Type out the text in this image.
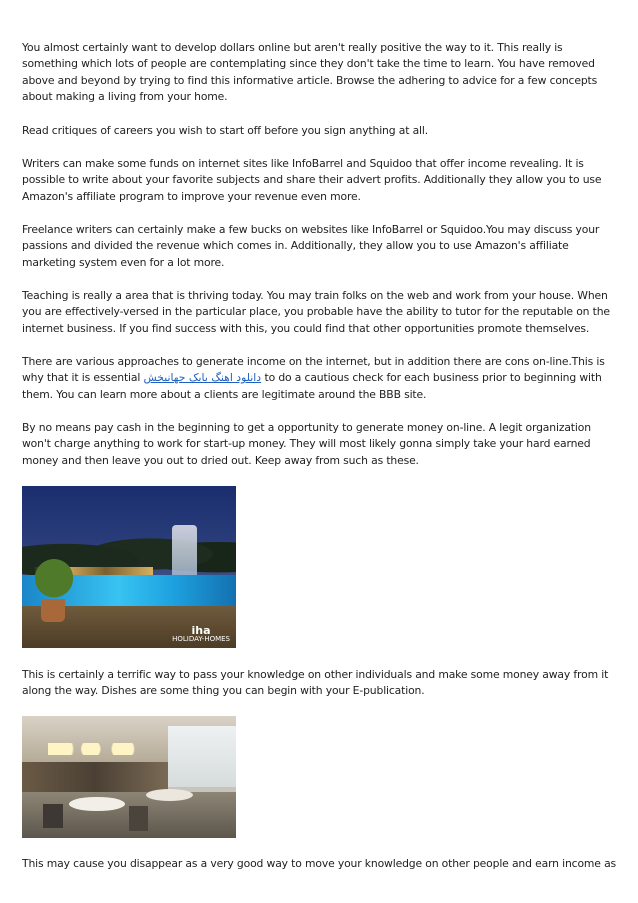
You almost certainly want to develop dollars online but aren't really positive the way to it. This really is something which lots of people are contemplating since they don't take the time to learn. You have removed above and beyond by trying to find this informative article. Browse the adhering to advice for a few concepts about making a living from your home.

Read critiques of careers you wish to start off before you sign anything at all.

Writers can make some funds on internet sites like InfoBarrel and Squidoo that offer income revealing. It is possible to write about your favorite subjects and share their advert profits. Additionally they allow you to use Amazon's affiliate program to improve your revenue even more.

Freelance writers can certainly make a few bucks on websites like InfoBarrel or Squidoo.You may discuss your passions and divided the revenue which comes in. Additionally, they allow you to use Amazon's affiliate marketing system even for a lot more.

Teaching is really a area that is thriving today. You may train folks on the web and work from your house. When you are effectively-versed in the particular place, you probable have the ability to tutor for the reputable on the internet business. If you find success with this, you could find that other opportunities promote themselves.

There are various approaches to generate income on the internet, but in addition there are cons on-line.This is why that it is essential دانلود اهنگ بابک جهانبخش to do a cautious check for each business prior to beginning with them. You can learn more about a clients are legitimate around the BBB site.

By no means pay cash in the beginning to get a opportunity to generate money on-line. A legit organization won't charge anything to work for start-up money. They will most likely gonna simply take your hard earned money and then leave you out to dried out. Keep away from such as these.

iha
HOLIDAY-HOMES

This is certainly a terrific way to pass your knowledge on other individuals and make some money away from it along the way. Dishes are some thing you can begin with your E-publication.

This may cause you disappear as a very good way to move your knowledge on other people and earn income as
